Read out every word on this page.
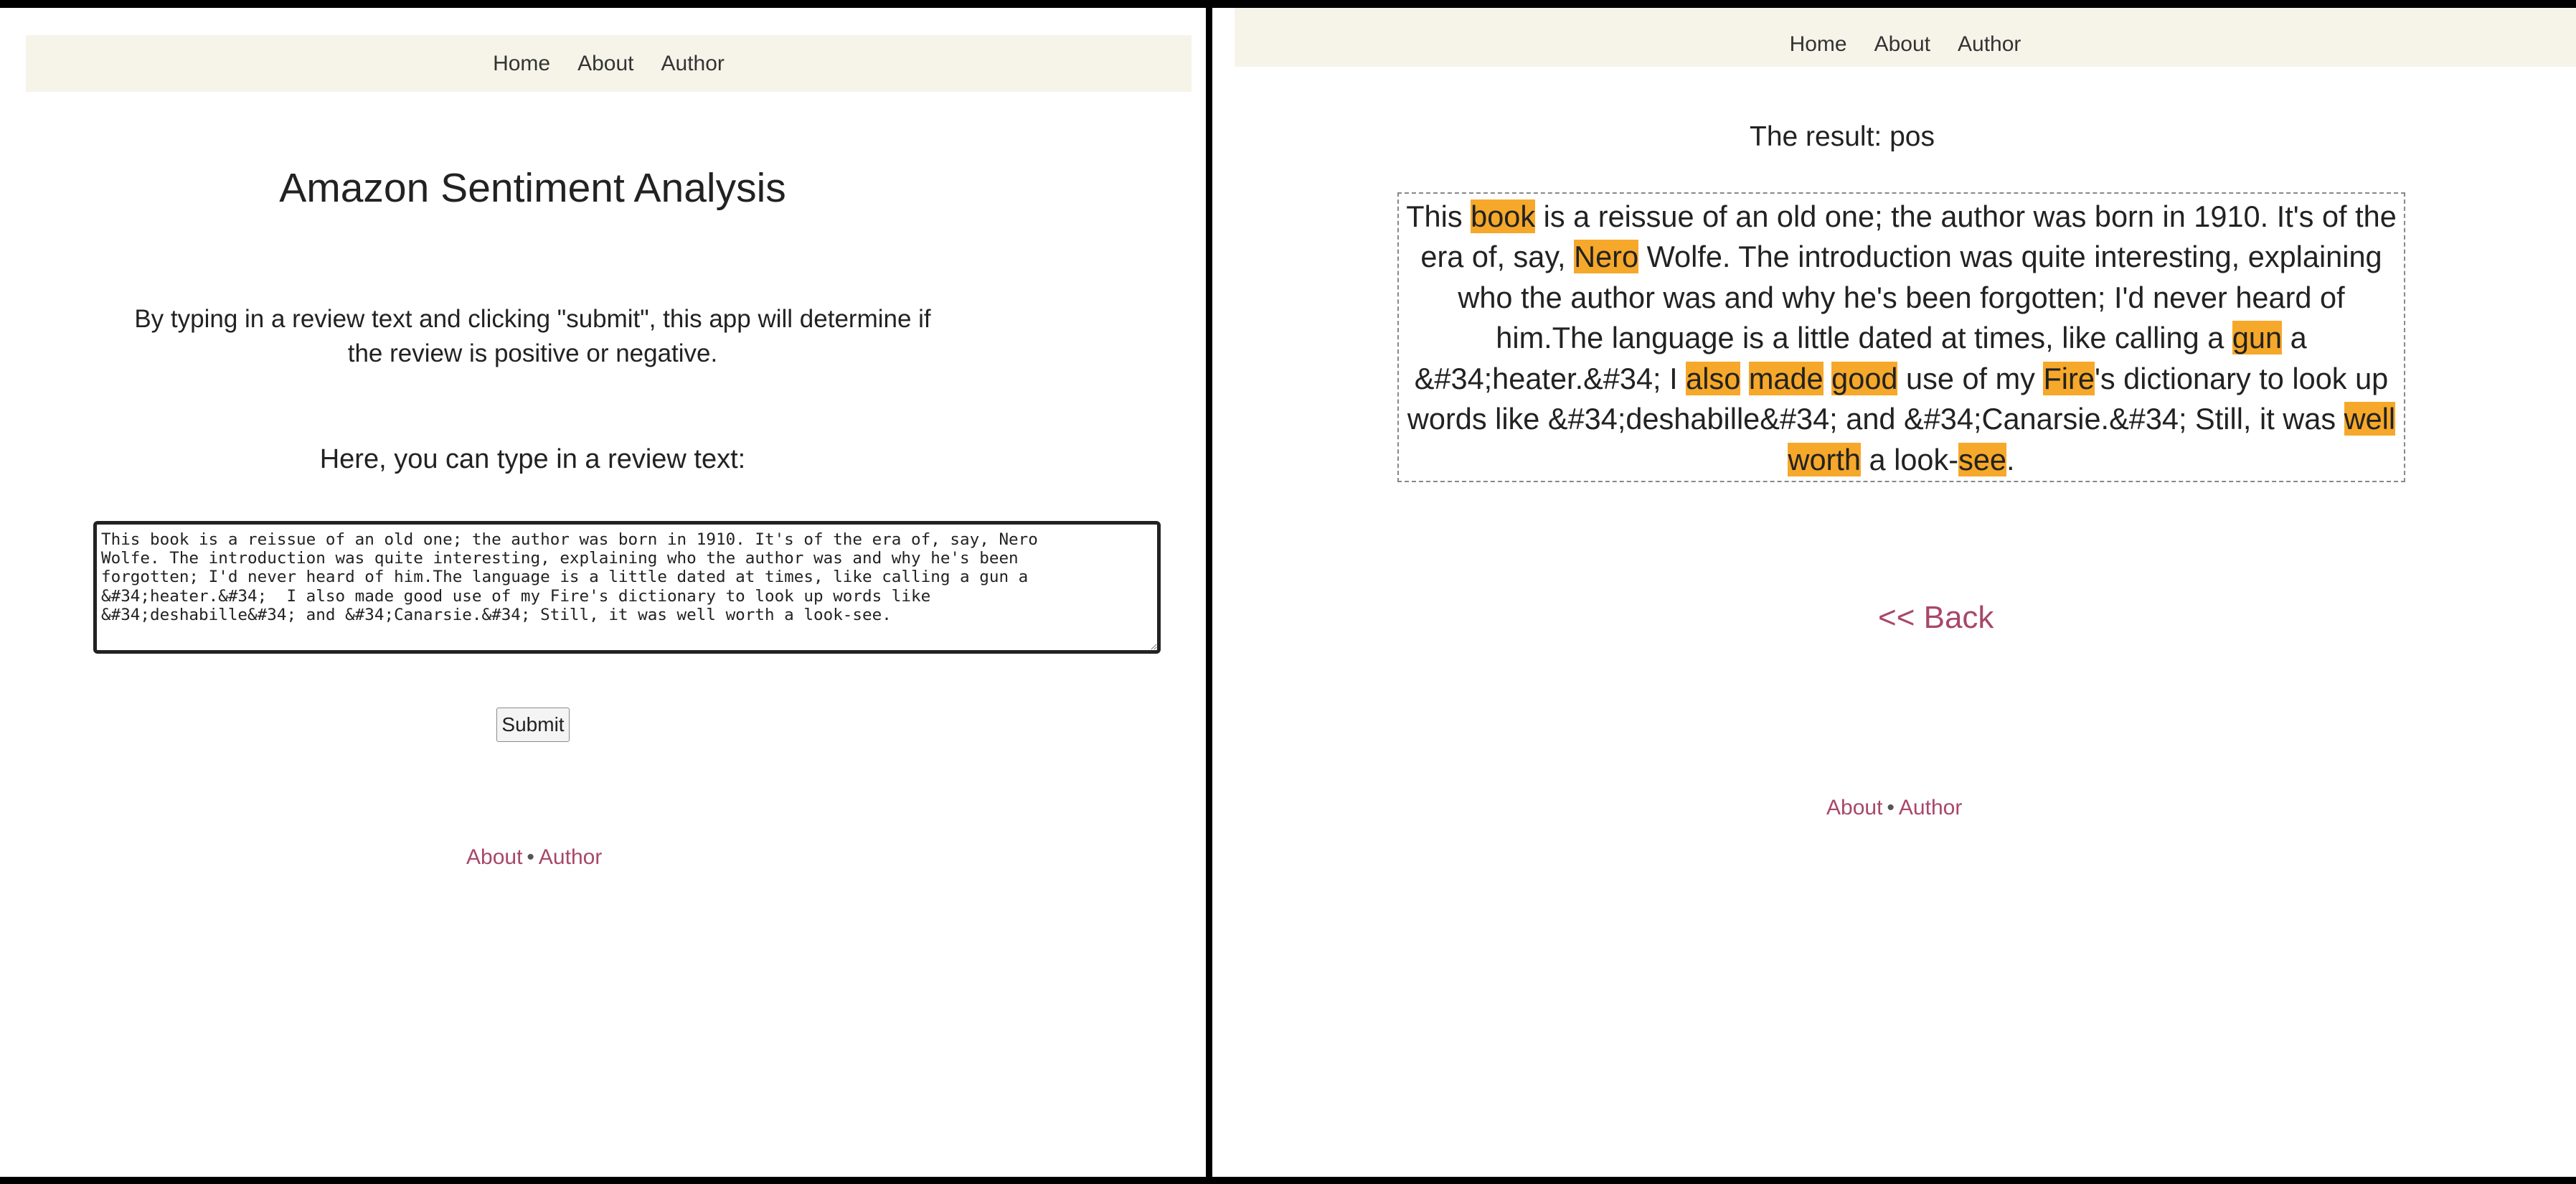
Home About Author
Amazon Sentiment Analysis
By typing in a review text and clicking "submit", this app will determine if
the review is positive or negative.
Here, you can type in a review text:
This book is a reissue of an old one; the author was born in 1910. It's of the era of, say, Nero Wolfe. The introduction was quite interesting, explaining who the author was and why he's been forgotten; I'd never heard of him.The language is a little dated at times, like calling a gun a &#34;heater.&#34; I also made good use of my Fire's dictionary to look up words like &#34;deshabille&#34; and &#34;Canarsie.&#34; Still, it was well worth a look-see.
Submit
About • Author
Home About Author
The result: pos
This book is a reissue of an old one; the author was born in 1910. It's of the era of, say, Nero Wolfe. The introduction was quite interesting, explaining who the author was and why he's been forgotten; I'd never heard of him.The language is a little dated at times, like calling a gun a &#34;heater.&#34; I also made good use of my Fire's dictionary to look up words like &#34;deshabille&#34; and &#34;Canarsie.&#34; Still, it was well worth a look-see.
<< Back
About • Author
